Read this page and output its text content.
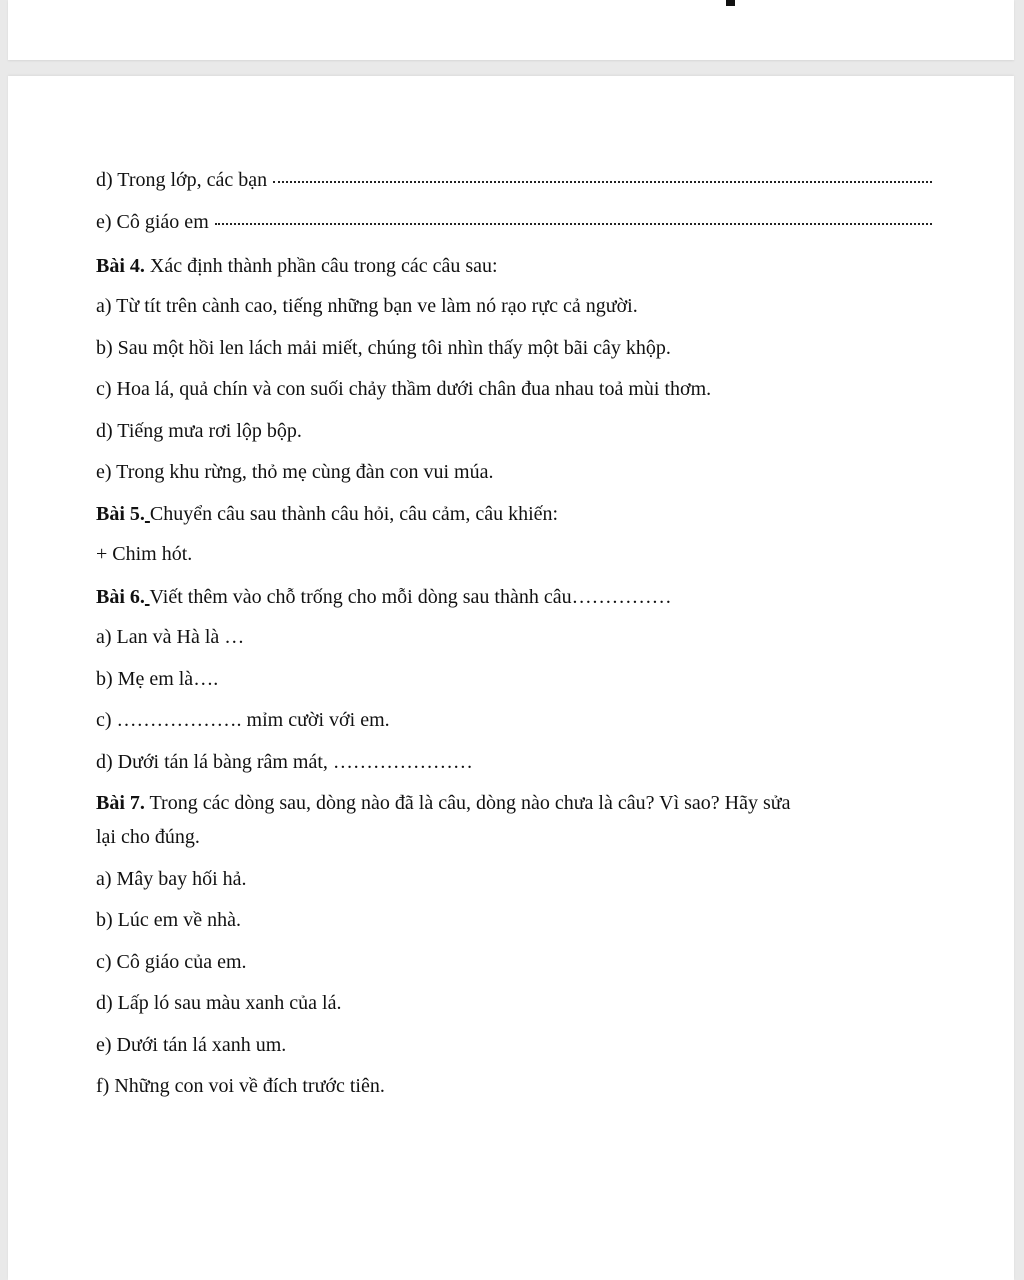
d) Trong lớp, các bạn
e) Cô giáo em
Bài 4. Xác định thành phần câu trong các câu sau:
a) Từ tít trên cành cao, tiếng những bạn ve làm nó rạo rực cả người.
b) Sau một hồi len lách mải miết, chúng tôi nhìn thấy một bãi cây khộp.
c) Hoa lá, quả chín và con suối chảy thầm dưới chân đua nhau toả mùi thơm.
d) Tiếng mưa rơi lộp bộp.
e) Trong khu rừng, thỏ mẹ cùng đàn con vui múa.
Bài 5. Chuyển câu sau thành câu hỏi, câu cảm, câu khiến:
+ Chim hót.
Bài 6. Viết thêm vào chỗ trống cho mỗi dòng sau thành câu……………
a) Lan và Hà là …
b) Mẹ em là….
c) ………………. mỉm cười với em.
d) Dưới tán lá bàng râm mát, …………………
Bài 7. Trong các dòng sau, dòng nào đã là câu, dòng nào chưa là câu? Vì sao? Hãy sửa
lại cho đúng.
a) Mây bay hối hả.
b) Lúc em về nhà.
c) Cô giáo của em.
d) Lấp ló sau màu xanh của lá.
e) Dưới tán lá xanh um.
f) Những con voi về đích trước tiên.
